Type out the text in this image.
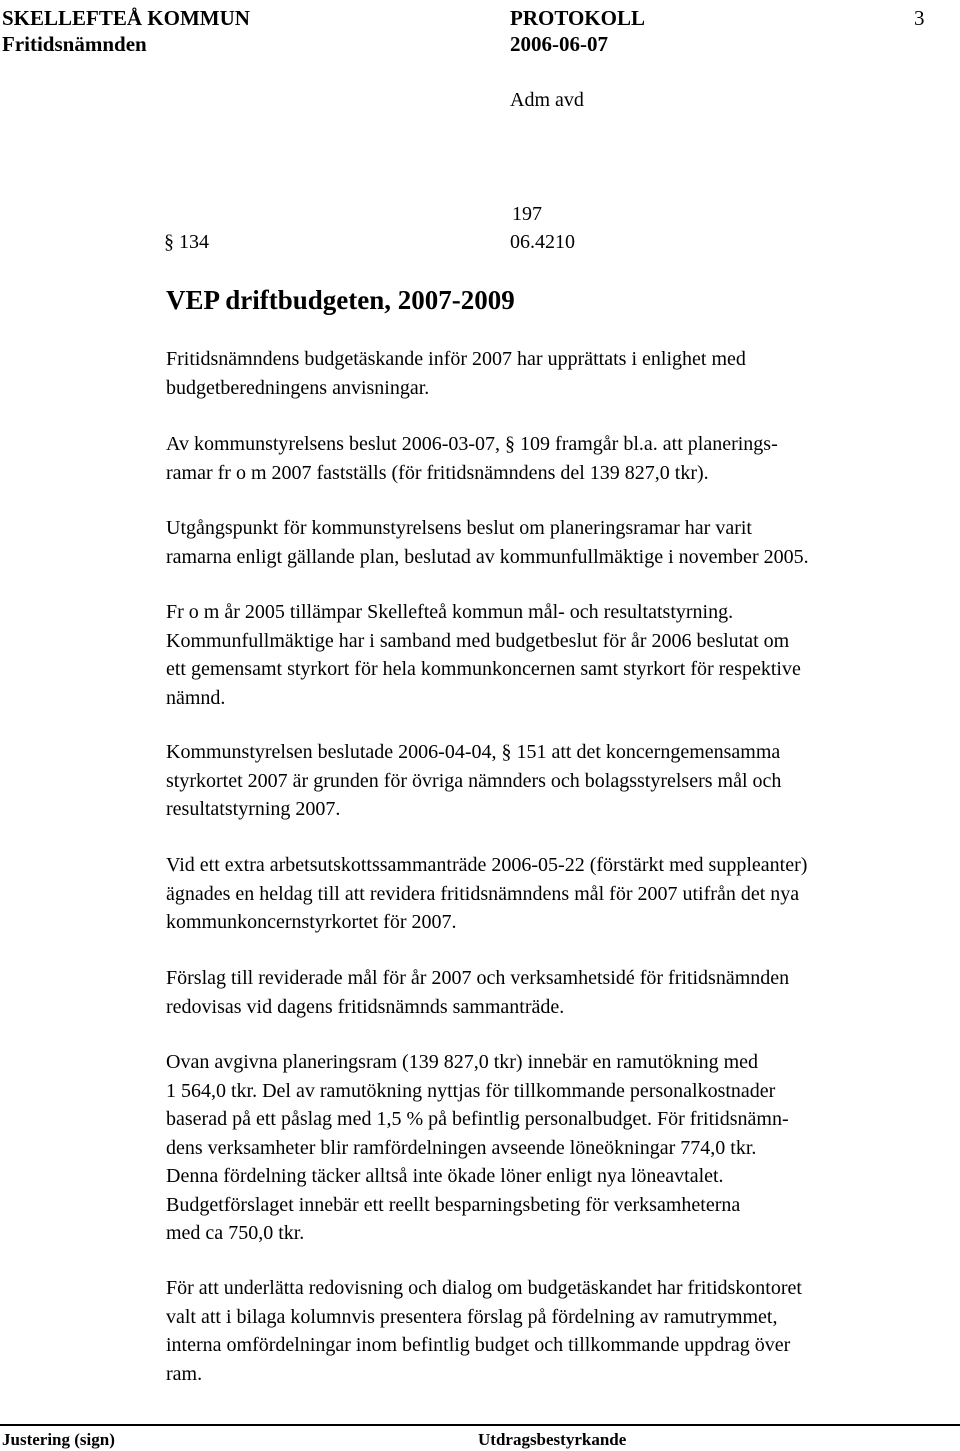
SKELLEFTEÅ KOMMUN	PROTOKOLL	3
Fritidsnämnden	2006-06-07
Adm avd
197
§ 134	06.4210
VEP driftbudgeten, 2007-2009
Fritidsnämndens budgetäskande inför 2007 har upprättats i enlighet med
budgetberedningens anvisningar.
Av kommunstyrelsens beslut 2006-03-07, § 109 framgår bl.a. att planerings-
ramar fr o m 2007 fastställs (för fritidsnämndens del 139 827,0 tkr).
Utgångspunkt för kommunstyrelsens beslut om planeringsramar har varit
ramarna enligt gällande plan, beslutad av kommunfullmäktige i november 2005.
Fr o m år 2005 tillämpar Skellefteå kommun mål- och resultatstyrning.
Kommunfullmäktige har i samband med budgetbeslut för år 2006 beslutat om
ett gemensamt styrkort för hela kommunkoncernen samt styrkort för respektive
nämnd.
Kommunstyrelsen beslutade 2006-04-04, § 151 att det koncerngemensamma
styrkortet 2007 är grunden för övriga nämnders och bolagsstyrelsers mål och
resultatstyrning 2007.
Vid ett extra arbetsutskottssammanträde 2006-05-22 (förstärkt med suppleanter)
ägnades en heldag till att revidera fritidsnämndens mål för 2007 utifrån det nya
kommunkoncernstyrkortet för 2007.
Förslag till reviderade mål för år 2007 och verksamhetsidé för fritidsnämnden
redovisas vid dagens fritidsnämnds sammanträde.
Ovan avgivna planeringsram (139 827,0 tkr) innebär en ramutökning med
1 564,0 tkr. Del av ramutökning nyttjas för tillkommande personalkostnader
baserad på ett påslag med 1,5 % på befintlig personalbudget. För fritidsnämn-
dens verksamheter blir ramfördelningen avseende löneökningar 774,0 tkr.
Denna fördelning täcker alltså inte ökade löner enligt nya löneavtalet.
Budgetförslaget innebär ett reellt besparningsbeting för verksamheterna
med ca 750,0 tkr.
För att underlätta redovisning och dialog om budgetäskandet har fritidskontoret
valt att i bilaga kolumnvis presentera förslag på fördelning av ramutrymmet,
interna omfördelningar inom befintlig budget och tillkommande uppdrag över
ram.
Justering (sign)	Utdragsbestyrkande
